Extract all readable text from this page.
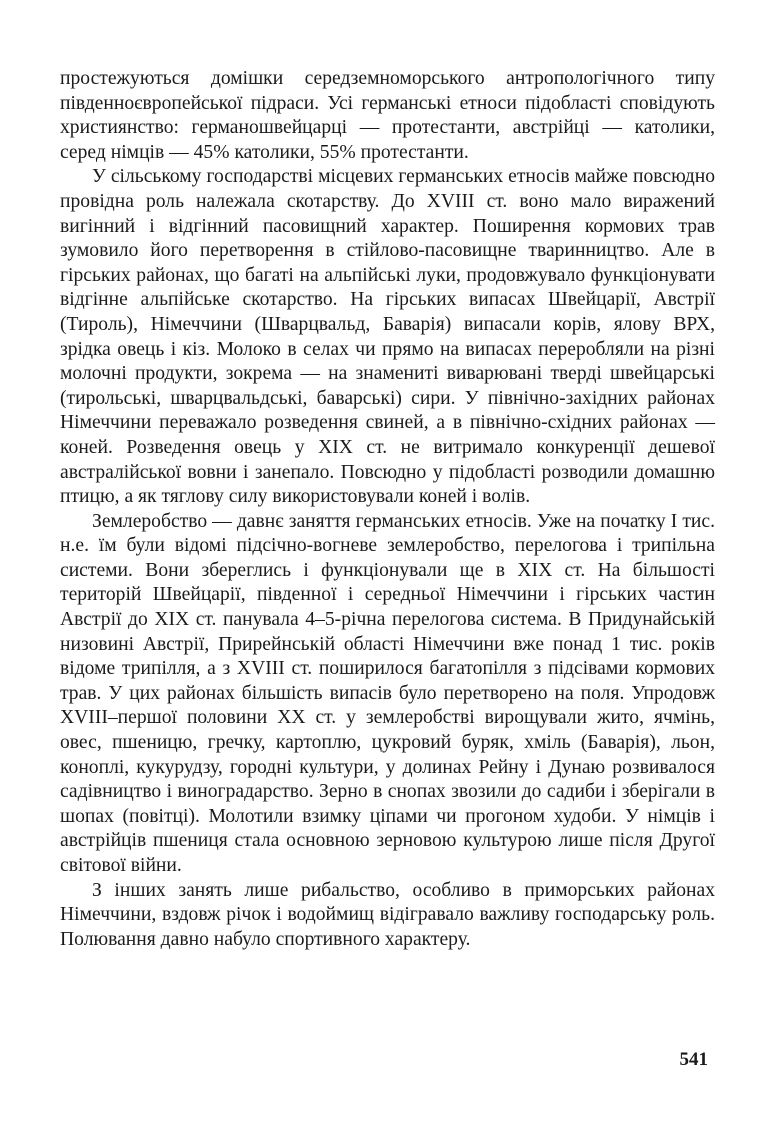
простежуються домішки середземноморського антропологічного типу південноєвропейської підраси. Усі германські етноси підобласті сповідують християнство: германошвейцарці — протестанти, австрійці — католики, серед німців — 45% католики, 55% протестанти.

У сільському господарстві місцевих германських етносів майже повсюдно провідна роль належала скотарству. До XVIII ст. воно мало виражений вигінний і відгінний пасовищний характер. Поширення кормових трав зумовило його перетворення в стійлово-пасовищне тваринництво. Але в гірських районах, що багаті на альпійські луки, продовжувало функціонувати відгінне альпійське скотарство. На гірських випасах Швейцарії, Австрії (Тироль), Німеччини (Шварцвальд, Баварія) випасали корів, ялову ВРХ, зрідка овець і кіз. Молоко в селах чи прямо на випасах переробляли на різні молочні продукти, зокрема — на знамениті виварювані тверді швейцарські (тирольські, шварцвальдські, баварські) сири. У північно-західних районах Німеччини переважало розведення свиней, а в північно-східних районах — коней. Розведення овець у XIX ст. не витримало конкуренції дешевої австралійської вовни і занепало. Повсюдно у підобласті розводили домашню птицю, а як тяглову силу використовували коней і волів.

Землеробство — давнє заняття германських етносів. Уже на початку І тис. н.е. їм були відомі підсічно-вогневе землеробство, перелогова і трипільна системи. Вони збереглись і функціонували ще в XIX ст. На більшості територій Швейцарії, південної і середньої Німеччини і гірських частин Австрії до XIX ст. панувала 4–5-річна перелогова система. В Придунайській низовині Австрії, Прирейнській області Німеччини вже понад 1 тис. років відоме трипілля, а з XVIII ст. поширилося багатопілля з підсівами кормових трав. У цих районах більшість випасів було перетворено на поля. Упродовж XVIII–першої половини XX ст. у землеробстві вирощували жито, ячмінь, овес, пшеницю, гречку, картоплю, цукровий буряк, хміль (Баварія), льон, коноплі, кукурудзу, городні культури, у долинах Рейну і Дунаю розвивалося садівництво і виноградарство. Зерно в снопах звозили до садиби і зберігали в шопах (повітці). Молотили взимку ціпами чи прогоном худоби. У німців і австрійців пшениця стала основною зерновою культурою лише після Другої світової війни.

З інших занять лише рибальство, особливо в приморських районах Німеччини, вздовж річок і водоймищ відігравало важливу господарську роль. Полювання давно набуло спортивного характеру.

541
